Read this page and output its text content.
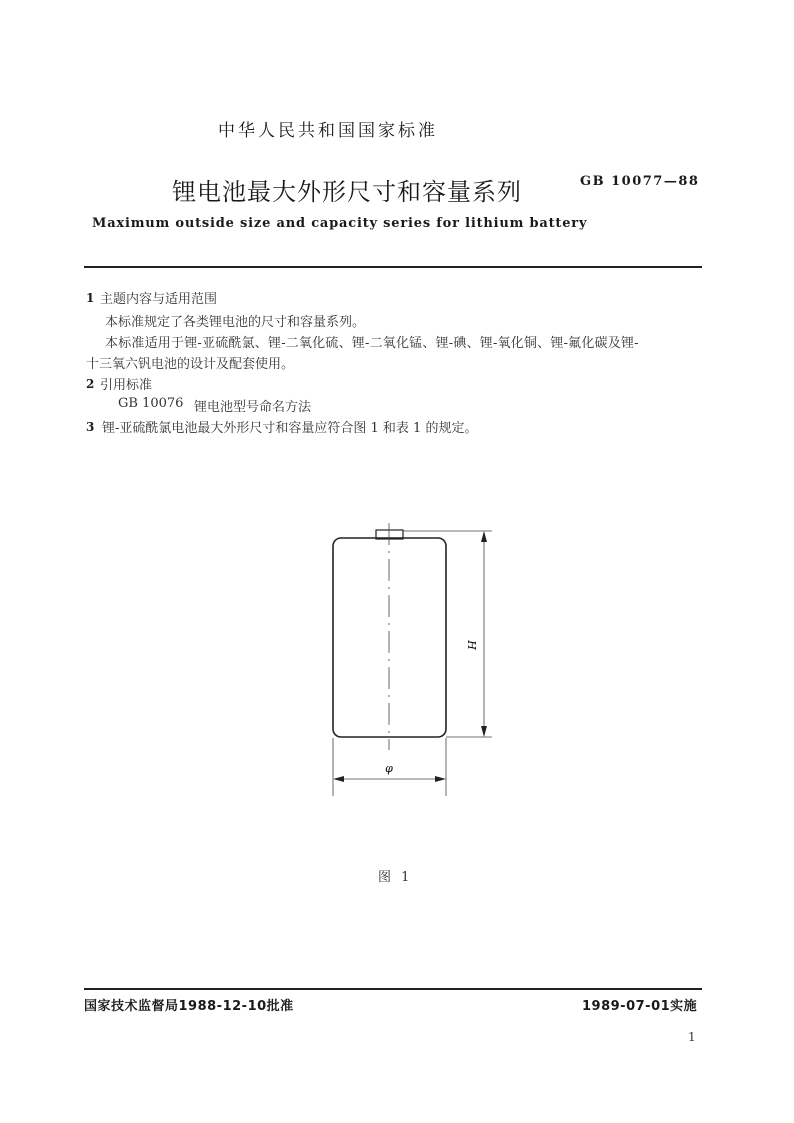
中华人民共和国国家标准
锂电池最大外形尺寸和容量系列	GB 10077—88
Maximum outside size and capacity series for lithium battery
1 主题内容与适用范围
本标准规定了各类锂电池的尺寸和容量系列。
本标准适用于锂-亚硫酰氯、锂-二氧化硫、锂-二氧化锰、锂-碘、锂-氧化铜、锂-氟化碳及锂-
十三氧六钒电池的设计及配套使用。
2 引用标准
GB 10076 锂电池型号命名方法
3 锂-亚硫酰氯电池最大外形尺寸和容量应符合图 1 和表 1 的规定。
H
φ
图 1
国家技术监督局1988-12-10批准	1989-07-01实施
1
